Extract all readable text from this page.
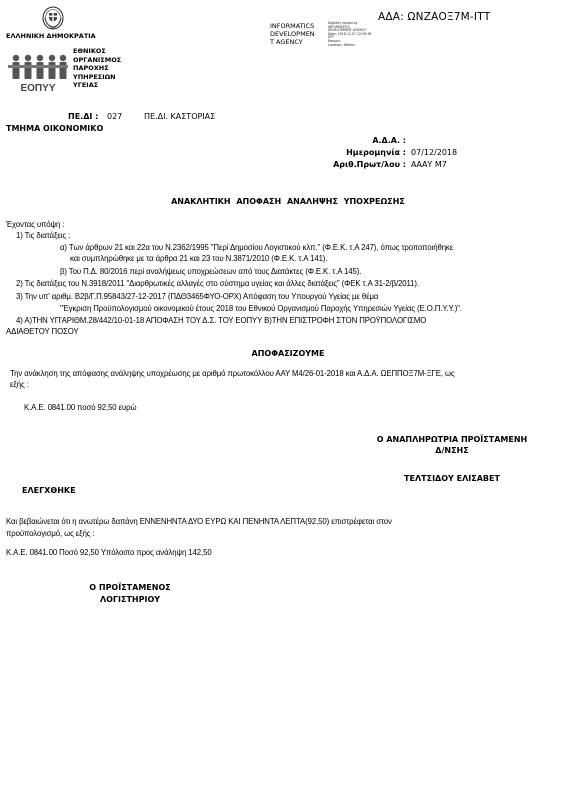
ΕΛΛΗΝΙΚΗ ΔΗΜΟΚΡΑΤΙΑ
ΕΟΠΥΥ
ΕΘΝΙΚΟΣ
ΟΡΓΑΝΙΣΜΟΣ
ΠΑΡΟΧΗΣ
ΥΠΗΡΕΣΙΩΝ
ΥΓΕΙΑΣ
INFORMATICS
DEVELOPMEN
T AGENCY
Digitally signed by
INFORMATICS
DEVELOPMENT AGENCY
Date: 2018.12.07 12:39:36
EET
Reason:
Location: Athens
ΑΔΑ: ΩΝΖΑΟΞ7Μ-ΙΤΤ
ΠΕ.ΔΙ : 027	ΠΕ.ΔΙ. ΚΑΣΤΟΡΙΑΣ
ΤΜΗΜΑ ΟΙΚΟΝΟΜΙΚΟ
Α.Δ.Α. :
Ημερομηνία : 07/12/2018
Αριθ.Πρωτ/λου : ΑΑΑΥ Μ7
ΑΝΑΚΛΗΤΙΚΗ ΑΠΟΦΑΣΗ ΑΝΑΛΗΨΗΣ ΥΠΟΧΡΕΩΣΗΣ
Έχοντας υπόψη :
1) Τις διατάξεις :
α) Των άρθρων 21 και 22α του Ν.2362/1995 "Περί Δημοσίου Λογιστικού κλπ." (Φ.Ε.Κ. τ.Α 247), όπως τροποποιήθηκε
και συμπληρώθηκε με τα άρθρα 21 και 23 του Ν.3871/2010 (Φ.Ε.Κ. τ.Α 141).
β) Του Π.Δ. 80/2016 περί αναλήψεως υποχρεώσεων από τους Διατάκτες (Φ.Ε.Κ. τ.Α 145).
2) Τις διατάξεις του Ν.3918/2011 "Διαρθρωτικές αλλαγές στο σύστημα υγείας και άλλες διατάξεις" (ΦΕΚ τ.Α 31-2/β/2011).
3) Την υπ' αριθμ. Β2β/Γ.Π.95843/27-12-2017 (ΠΔΘ3465ΦΥΟ-ΟΡΧ) Απόφαση του Υπουργού Υγείας με θέμα
"Έγκριση Προϋπολογισμού οικονομικού έτους 2018 του Εθνικού Οργανισμού Παροχής Υπηρεσιών Υγείας (Ε.Ο.Π.Υ.Υ.)".
4) Α)ΤΗΝ ΥΠ'ΑΡΙΘΜ.28/442/10-01-18 ΑΠΟΦΑΣΗ ΤΟΥ Δ.Σ. ΤΟΥ ΕΟΠΥΥ Β)ΤΗΝ ΕΠΙΣΤΡΟΦΗ ΣΤΟΝ ΠΡΟΫΠΟΛΟΓΙΣΜΟ
ΑΔΙΑΘΕΤΟΥ ΠΟΣΟΥ
ΑΠΟΦΑΣΙΖΟΥΜΕ
Την ανάκληση της απόφασης ανάληψης υποχρέωσης με αριθμό πρωτοκόλλου ΑΑΥ Μ4/26-01-2018 και Α.Δ.Α. ΩΕΠΠΟΞ7Μ-ΞΓΕ, ως
εξής :
Κ.Α.Ε. 0841.00 ποσό 92,50 ευρώ
Ο ΑΝΑΠΛΗΡΩΤΡΙΑ ΠΡΟΪΣΤΑΜΕΝΗ
Δ/ΝΣΗΣ
ΤΕΛΤΣΙΔΟΥ ΕΛΙΣΑΒΕΤ
ΕΛΕΓΧΘΗΚΕ
Και βεβαιώνεται ότι η ανωτέρω δαπάνη ΕΝΝΕΝΗΝΤΑ ΔΥΟ ΕΥΡΩ ΚΑΙ ΠΕΝΗΝΤΑ ΛΕΠΤΑ(92,50) επιστρέφεται στον
προϋπολογισμό, ως εξής :
Κ.Α.Ε. 0841.00 Ποσό 92,50 Υπόλοιπο προς ανάληψη 142,50
Ο ΠΡΟΪΣΤΑΜΕΝΟΣ
ΛΟΓΙΣΤΗΡΙΟΥ
